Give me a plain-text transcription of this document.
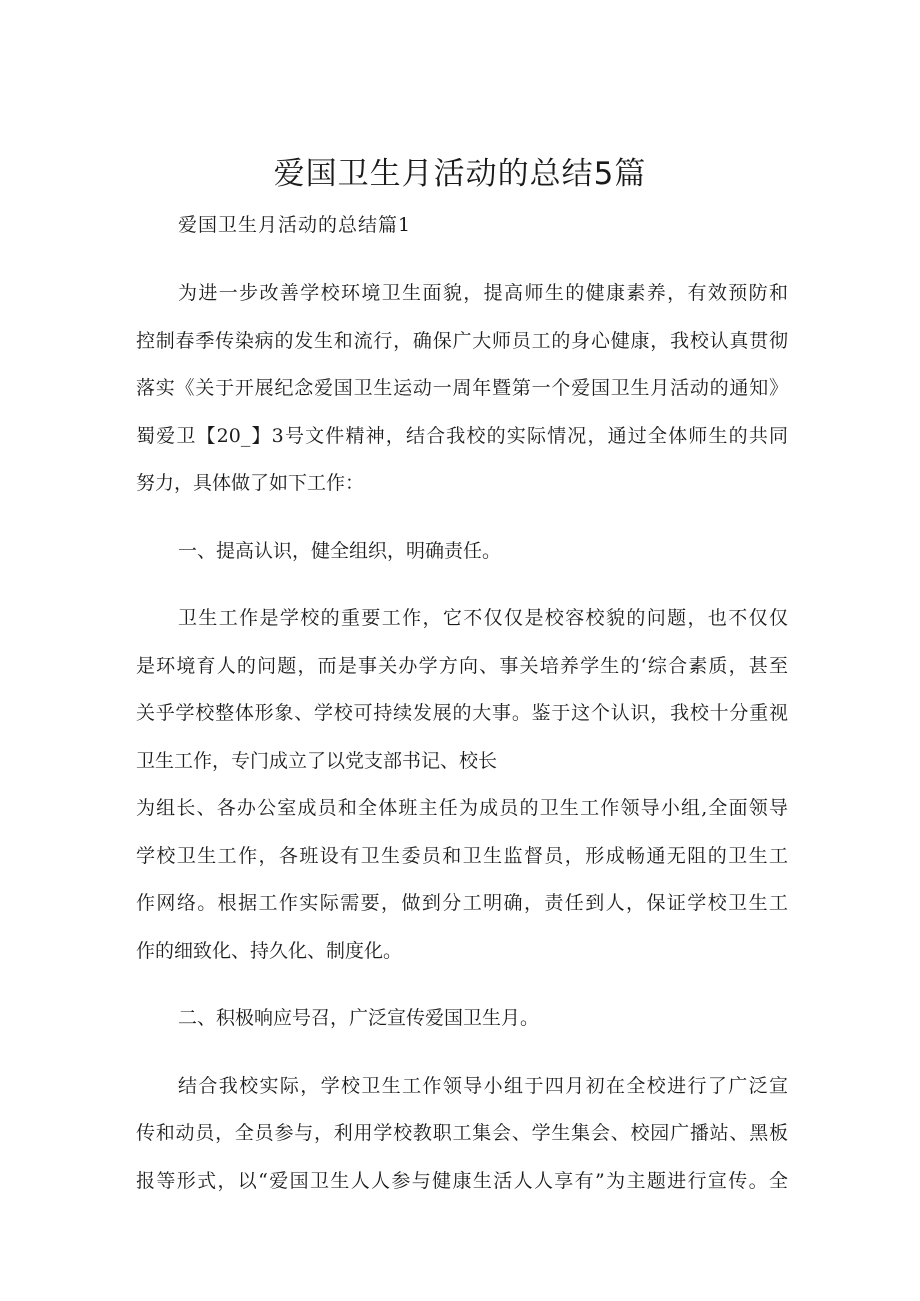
爱国卫生月活动的总结5篇
爱国卫生月活动的总结篇1
为进一步改善学校环境卫生面貌，提高师生的健康素养，有效预防和
控制春季传染病的发生和流行，确保广大师员工的身心健康，我校认真贯彻
落实《关于开展纪念爱国卫生运动一周年暨第一个爱国卫生月活动的通知》
蜀爱卫【20_】3号文件精神，结合我校的实际情况，通过全体师生的共同
努力，具体做了如下工作：
一、提高认识，健全组织，明确责任。
卫生工作是学校的重要工作，它不仅仅是校容校貌的问题，也不仅仅
是环境育人的问题，而是事关办学方向、事关培养学生的‘综合素质，甚至
关乎学校整体形象、学校可持续发展的大事。鉴于这个认识，我校十分重视
卫生工作，专门成立了以党支部书记、校长
为组长、各办公室成员和全体班主任为成员的卫生工作领导小组,全面领导
学校卫生工作，各班设有卫生委员和卫生监督员，形成畅通无阻的卫生工
作网络。根据工作实际需要，做到分工明确，责任到人，保证学校卫生工
作的细致化、持久化、制度化。
二、积极响应号召，广泛宣传爱国卫生月。
结合我校实际，学校卫生工作领导小组于四月初在全校进行了广泛宣
传和动员，全员参与，利用学校教职工集会、学生集会、校园广播站、黑板
报等形式，以“爱国卫生人人参与健康生活人人享有”为主题进行宣传。全
